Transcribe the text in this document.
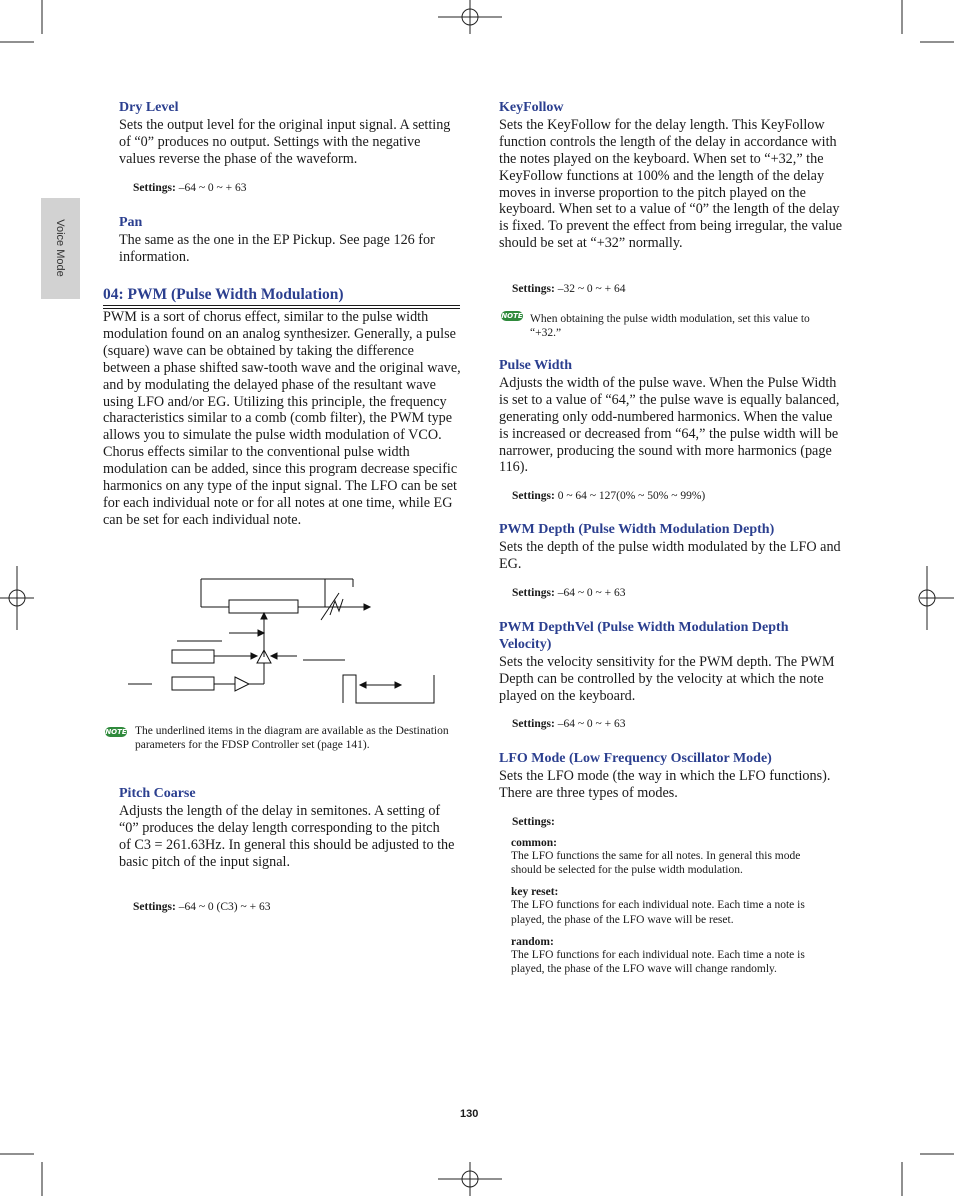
Voice Mode

Dry Level

Sets the output level for the original input signal. A setting of “0” produces no output. Settings with the negative values reverse the phase of the waveform.

Settings: –64 ~ 0 ~ + 63

Pan

The same as the one in the EP Pickup. See page 126 for information.

04: PWM (Pulse Width Modulation)

PWM is a sort of chorus effect, similar to the pulse width modulation found on an analog synthesizer. Generally, a pulse (square) wave can be obtained by taking the difference between a phase shifted saw-tooth wave and the original wave, and by modulating the delayed phase of the resultant wave using LFO and/or EG. Utilizing this principle, the frequency characteristics similar to a comb (comb filter), the PWM type allows you to simulate the pulse width modulation of VCO. Chorus effects similar to the conventional pulse width modulation can be added, since this program decrease specific harmonics on any type of the input signal. The LFO can be set for each individual note or for all notes at one time, while EG can be set for each individual note.

NOTE The underlined items in the diagram are available as the Destination parameters for the FDSP Controller set (page 141).

Pitch Coarse

Adjusts the length of the delay in semitones. A setting of “0” produces the delay length corresponding to the pitch of C3 = 261.63Hz. In general this should be adjusted to the basic pitch of the input signal.

Settings: –64 ~ 0 (C3) ~ + 63

KeyFollow

Sets the KeyFollow for the delay length. This KeyFollow function controls the length of the delay in accordance with the notes played on the keyboard. When set to “+32,” the KeyFollow functions at 100% and the length of the delay moves in inverse proportion to the pitch played on the keyboard. When set to a value of “0” the length of the delay is fixed. To prevent the effect from being irregular, the value should be set at “+32” normally.

Settings: –32 ~ 0 ~ + 64
NOTE When obtaining the pulse width modulation, set this value to “+32.”

Pulse Width

Adjusts the width of the pulse wave. When the Pulse Width is set to a value of “64,” the pulse wave is equally balanced, generating only odd-numbered harmonics. When the value is increased or decreased from “64,” the pulse width will be narrower, producing the sound with more harmonics (page 116).

Settings: 0 ~ 64 ~ 127(0% ~ 50% ~ 99%)

PWM Depth (Pulse Width Modulation Depth)

Sets the depth of the pulse width modulated by the LFO and EG.

Settings: –64 ~ 0 ~ + 63

PWM DepthVel (Pulse Width Modulation Depth Velocity)

Sets the velocity sensitivity for the PWM depth. The PWM Depth can be controlled by the velocity at which the note played on the keyboard.

Settings: –64 ~ 0 ~ + 63

LFO Mode (Low Frequency Oscillator Mode)

Sets the LFO mode (the way in which the LFO functions). There are three types of modes.

Settings:
common:
The LFO functions the same for all notes. In general this mode should be selected for the pulse width modulation.
key reset:
The LFO functions for each individual note. Each time a note is played, the phase of the LFO wave will be reset.
random:
The LFO functions for each individual note. Each time a note is played, the phase of the LFO wave will change randomly.
130
